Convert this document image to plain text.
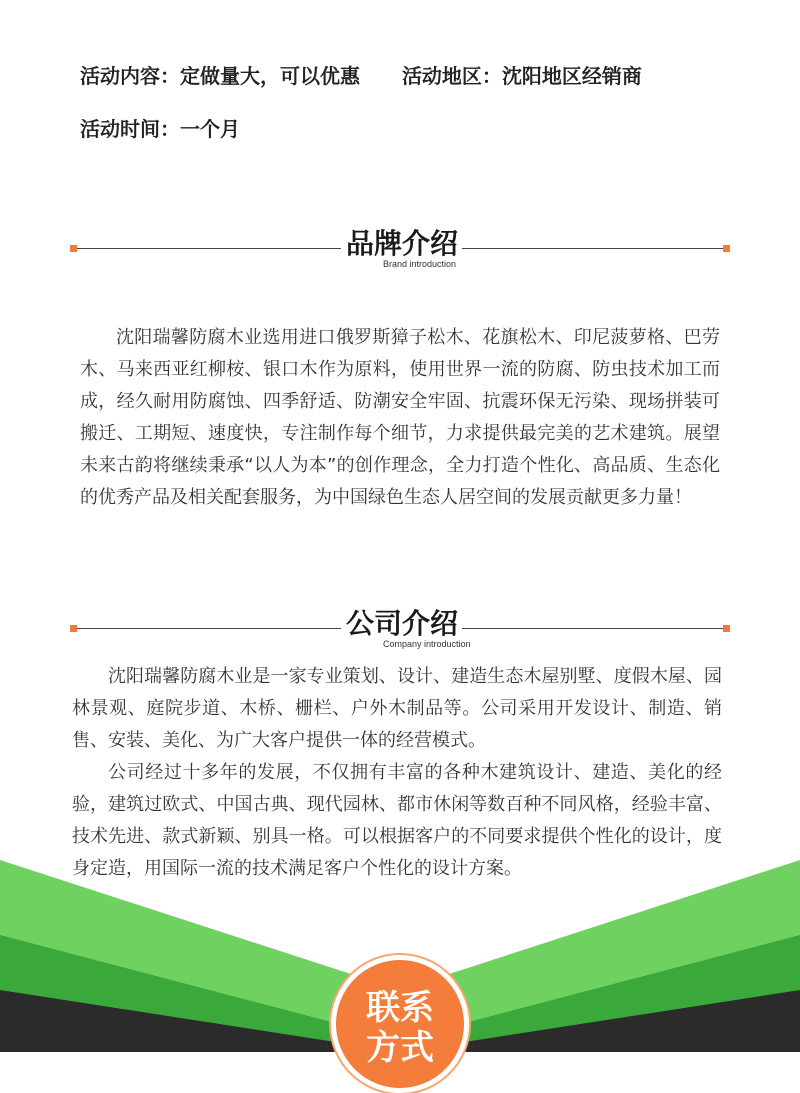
活动内容：定做量大，可以优惠 活动地区：沈阳地区经销商
活动时间：一个月
品牌介绍
Brand introduction

沈阳瑞馨防腐木业选用进口俄罗斯獐子松木、花旗松木、印尼菠萝格、巴劳木、马来西亚红柳桉、银口木作为原料，使用世界一流的防腐、防虫技术加工而成，经久耐用防腐蚀、四季舒适、防潮安全牢固、抗震环保无污染、现场拼装可搬迁、工期短、速度快，专注制作每个细节，力求提供最完美的艺术建筑。展望未来古韵将继续秉承“以人为本”的创作理念，全力打造个性化、高品质、生态化的优秀产品及相关配套服务，为中国绿色生态人居空间的发展贡献更多力量！

公司介绍
Company introduction

沈阳瑞馨防腐木业是一家专业策划、设计、建造生态木屋别墅、度假木屋、园林景观、庭院步道、木桥、栅栏、户外木制品等。公司采用开发设计、制造、销售、安装、美化、为广大客户提供一体的经营模式。

公司经过十多年的发展，不仅拥有丰富的各种木建筑设计、建造、美化的经验，建筑过欧式、中国古典、现代园林、都市休闲等数百种不同风格，经验丰富、技术先进、款式新颖、别具一格。可以根据客户的不同要求提供个性化的设计，度身定造，用国际一流的技术满足客户个性化的设计方案。

联系
方式
